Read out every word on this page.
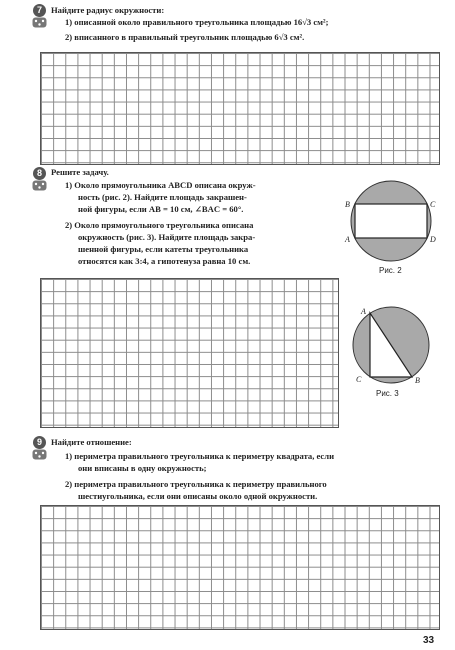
7	Найдите радиус окружности:
1) описанной около правильного треугольника площадью 16√3 см²;
2) вписанного в правильный треугольник площадью 6√3 см².
8	Решите задачу.
1) Около прямоугольника ABCD описана окруж-
ность (рис. 2). Найдите площадь закрашен-
ной фигуры, если AB = 10 см, ∠BAC = 60°.
2) Около прямоугольного треугольника описана
окружность (рис. 3). Найдите площадь закра-
шенной фигуры, если катеты треугольника
относятся как 3:4, а гипотенуза равна 10 см.
B	C
A	D
Рис. 2
A
C	B
Рис. 3
9	Найдите отношение:
1) периметра правильного треугольника к периметру квадрата, если
они вписаны в одну окружность;
2) периметра правильного треугольника к периметру правильного
шестиугольника, если они описаны около одной окружности.
33
